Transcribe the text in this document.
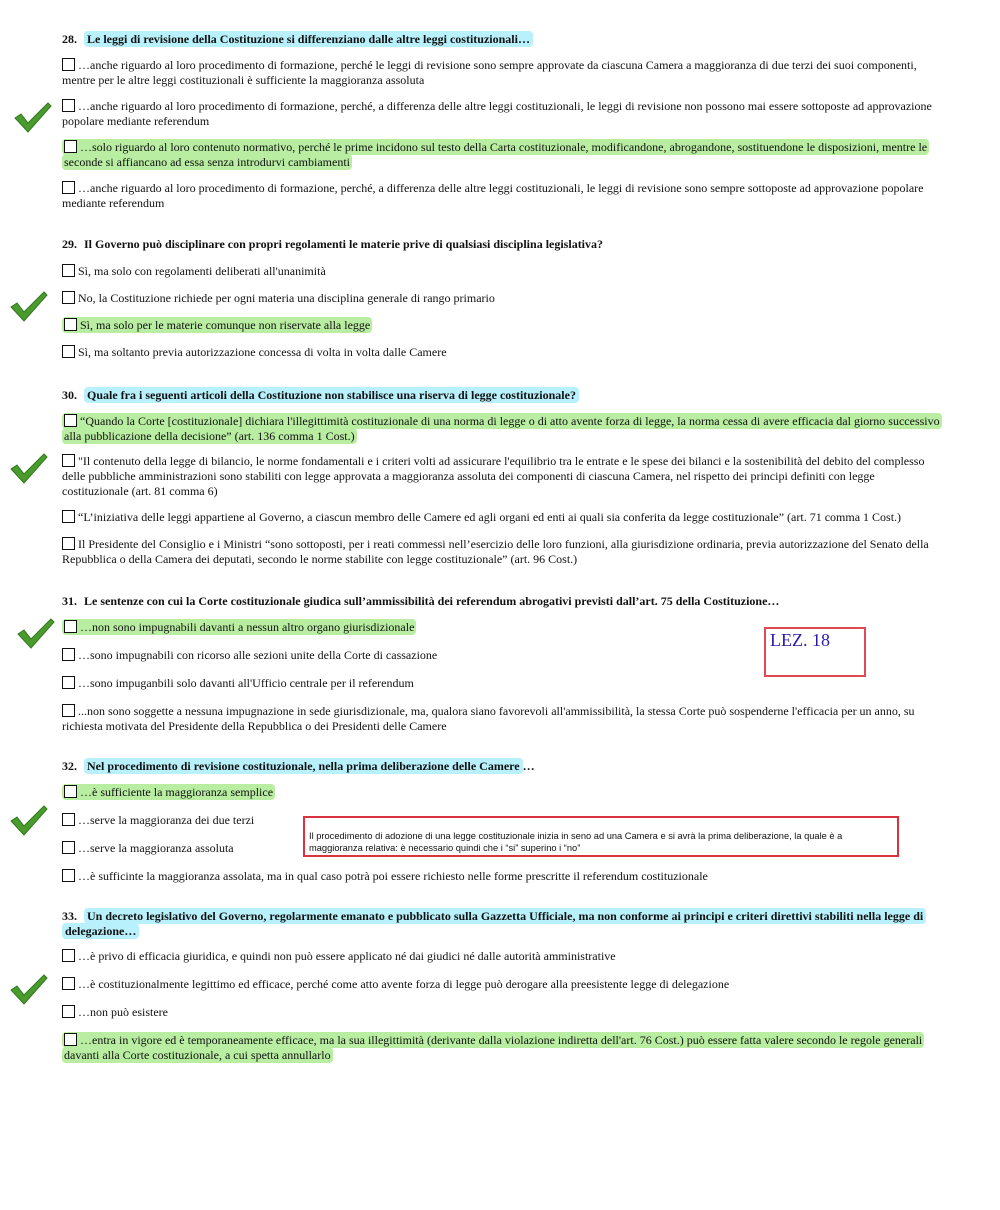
28. Le leggi di revisione della Costituzione si differenziano dalle altre leggi costituzionali…
…anche riguardo al loro procedimento di formazione, perché le leggi di revisione sono sempre approvate da ciascuna Camera a maggioranza di due terzi dei suoi componenti, mentre per le altre leggi costituzionali è sufficiente la maggioranza assoluta
…anche riguardo al loro procedimento di formazione, perché, a differenza delle altre leggi costituzionali, le leggi di revisione non possono mai essere sottoposte ad approvazione popolare mediante referendum
…solo riguardo al loro contenuto normativo, perché le prime incidono sul testo della Carta costituzionale, modificandone, abrogandone, sostituendone le disposizioni, mentre le seconde si affiancano ad essa senza introdurvi cambiamenti
…anche riguardo al loro procedimento di formazione, perché, a differenza delle altre leggi costituzionali, le leggi di revisione sono sempre sottoposte ad approvazione popolare mediante referendum
29. Il Governo può disciplinare con propri regolamenti le materie prive di qualsiasi disciplina legislativa?
Sì, ma solo con regolamenti deliberati all'unanimità
No, la Costituzione richiede per ogni materia una disciplina generale di rango primario
Sì, ma solo per le materie comunque non riservate alla legge
Sì, ma soltanto previa autorizzazione concessa di volta in volta dalle Camere
30. Quale fra i seguenti articoli della Costituzione non stabilisce una riserva di legge costituzionale?
“Quando la Corte [costituzionale] dichiara l'illegittimità costituzionale di una norma di legge o di atto avente forza di legge, la norma cessa di avere efficacia dal giorno successivo alla pubblicazione della decisione” (art. 136 comma 1 Cost.)
"Il contenuto della legge di bilancio, le norme fondamentali e i criteri volti ad assicurare l'equilibrio tra le entrate e le spese dei bilanci e la sostenibilità del debito del complesso delle pubbliche amministrazioni sono stabiliti con legge approvata a maggioranza assoluta dei componenti di ciascuna Camera, nel rispetto dei principi definiti con legge costituzionale (art. 81 comma 6)
“L’iniziativa delle leggi appartiene al Governo, a ciascun membro delle Camere ed agli organi ed enti ai quali sia conferita da legge costituzionale” (art. 71 comma 1 Cost.)
Il Presidente del Consiglio e i Ministri “sono sottoposti, per i reati commessi nell’esercizio delle loro funzioni, alla giurisdizione ordinaria, previa autorizzazione del Senato della Repubblica o della Camera dei deputati, secondo le norme stabilite con legge costituzionale” (art. 96 Cost.)
31. Le sentenze con cui la Corte costituzionale giudica sull’ammissibilità dei referendum abrogativi previsti dall’art. 75 della Costituzione…
…non sono impugnabili davanti a nessun altro organo giurisdizionale
…sono impugnabili con ricorso alle sezioni unite della Corte di cassazione
…sono impuganbili solo davanti all'Ufficio centrale per il referendum
...non sono soggette a nessuna impugnazione in sede giurisdizionale, ma, qualora siano favorevoli all'ammissibilità, la stessa Corte può sospenderne l'efficacia per un anno, su richiesta motivata del Presidente della Repubblica o dei Presidenti delle Camere
32. Nel procedimento di revisione costituzionale, nella prima deliberazione delle Camere …
…è sufficiente la maggioranza semplice
…serve la maggioranza dei due terzi
…serve la maggioranza assoluta
…è sufficinte la maggioranza assolata, ma in qual caso potrà poi essere richiesto nelle forme prescritte il referendum costituzionale
33. Un decreto legislativo del Governo, regolarmente emanato e pubblicato sulla Gazzetta Ufficiale, ma non conforme ai principi e criteri direttivi stabiliti nella legge di delegazione…
…è privo di efficacia giuridica, e quindi non può essere applicato né dai giudici né dalle autorità amministrative
…è costituzionalmente legittimo ed efficace, perché come atto avente forza di legge può derogare alla preesistente legge di delegazione
…non può esistere
…entra in vigore ed è temporaneamente efficace, ma la sua illegittimità (derivante dalla violazione indiretta dell'art. 76 Cost.) può essere fatta valere secondo le regole generali davanti alla Corte costituzionale, a cui spetta annullarlo
LEZ. 18
Il procedimento di adozione di una legge costituzionale inizia in seno ad una Camera e si avrà la prima deliberazione, la quale è a maggioranza relativa: è necessario quindi che i “si” superino i “no”
